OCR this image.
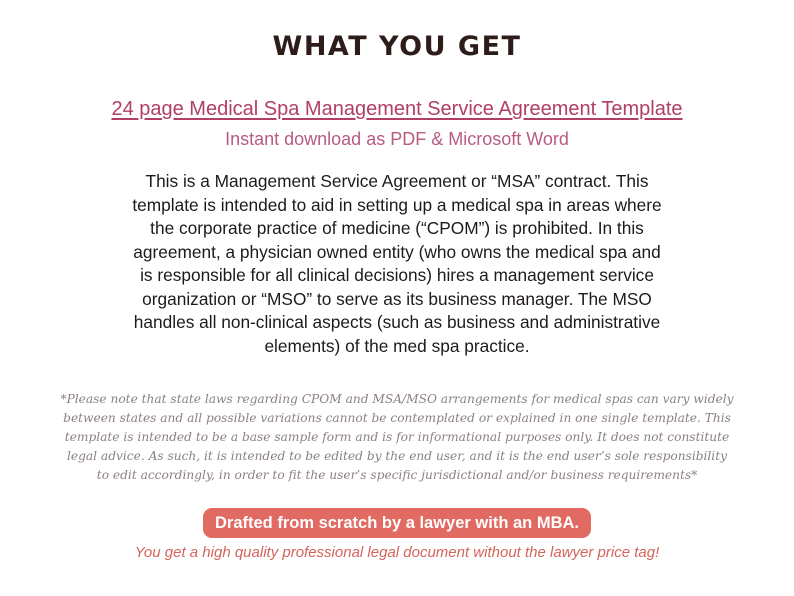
WHAT YOU GET
24 page Medical Spa Management Service Agreement Template
Instant download as PDF & Microsoft Word
This is a Management Service Agreement or “MSA” contract. This
template is intended to aid in setting up a medical spa in areas where
the corporate practice of medicine (“CPOM”) is prohibited. In this
agreement, a physician owned entity (who owns the medical spa and
is responsible for all clinical decisions) hires a management service
organization or “MSO” to serve as its business manager. The MSO
handles all non-clinical aspects (such as business and administrative
elements) of the med spa practice.
*Please note that state laws regarding CPOM and MSA/MSO arrangements for medical spas can vary widely
between states and all possible variations cannot be contemplated or explained in one single template. This
template is intended to be a base sample form and is for informational purposes only. It does not constitute
legal advice. As such, it is intended to be edited by the end user, and it is the end user’s sole responsibility
to edit accordingly, in order to fit the user’s specific jurisdictional and/or business requirements*
Drafted from scratch by a lawyer with an MBA.
You get a high quality professional legal document without the lawyer price tag!
